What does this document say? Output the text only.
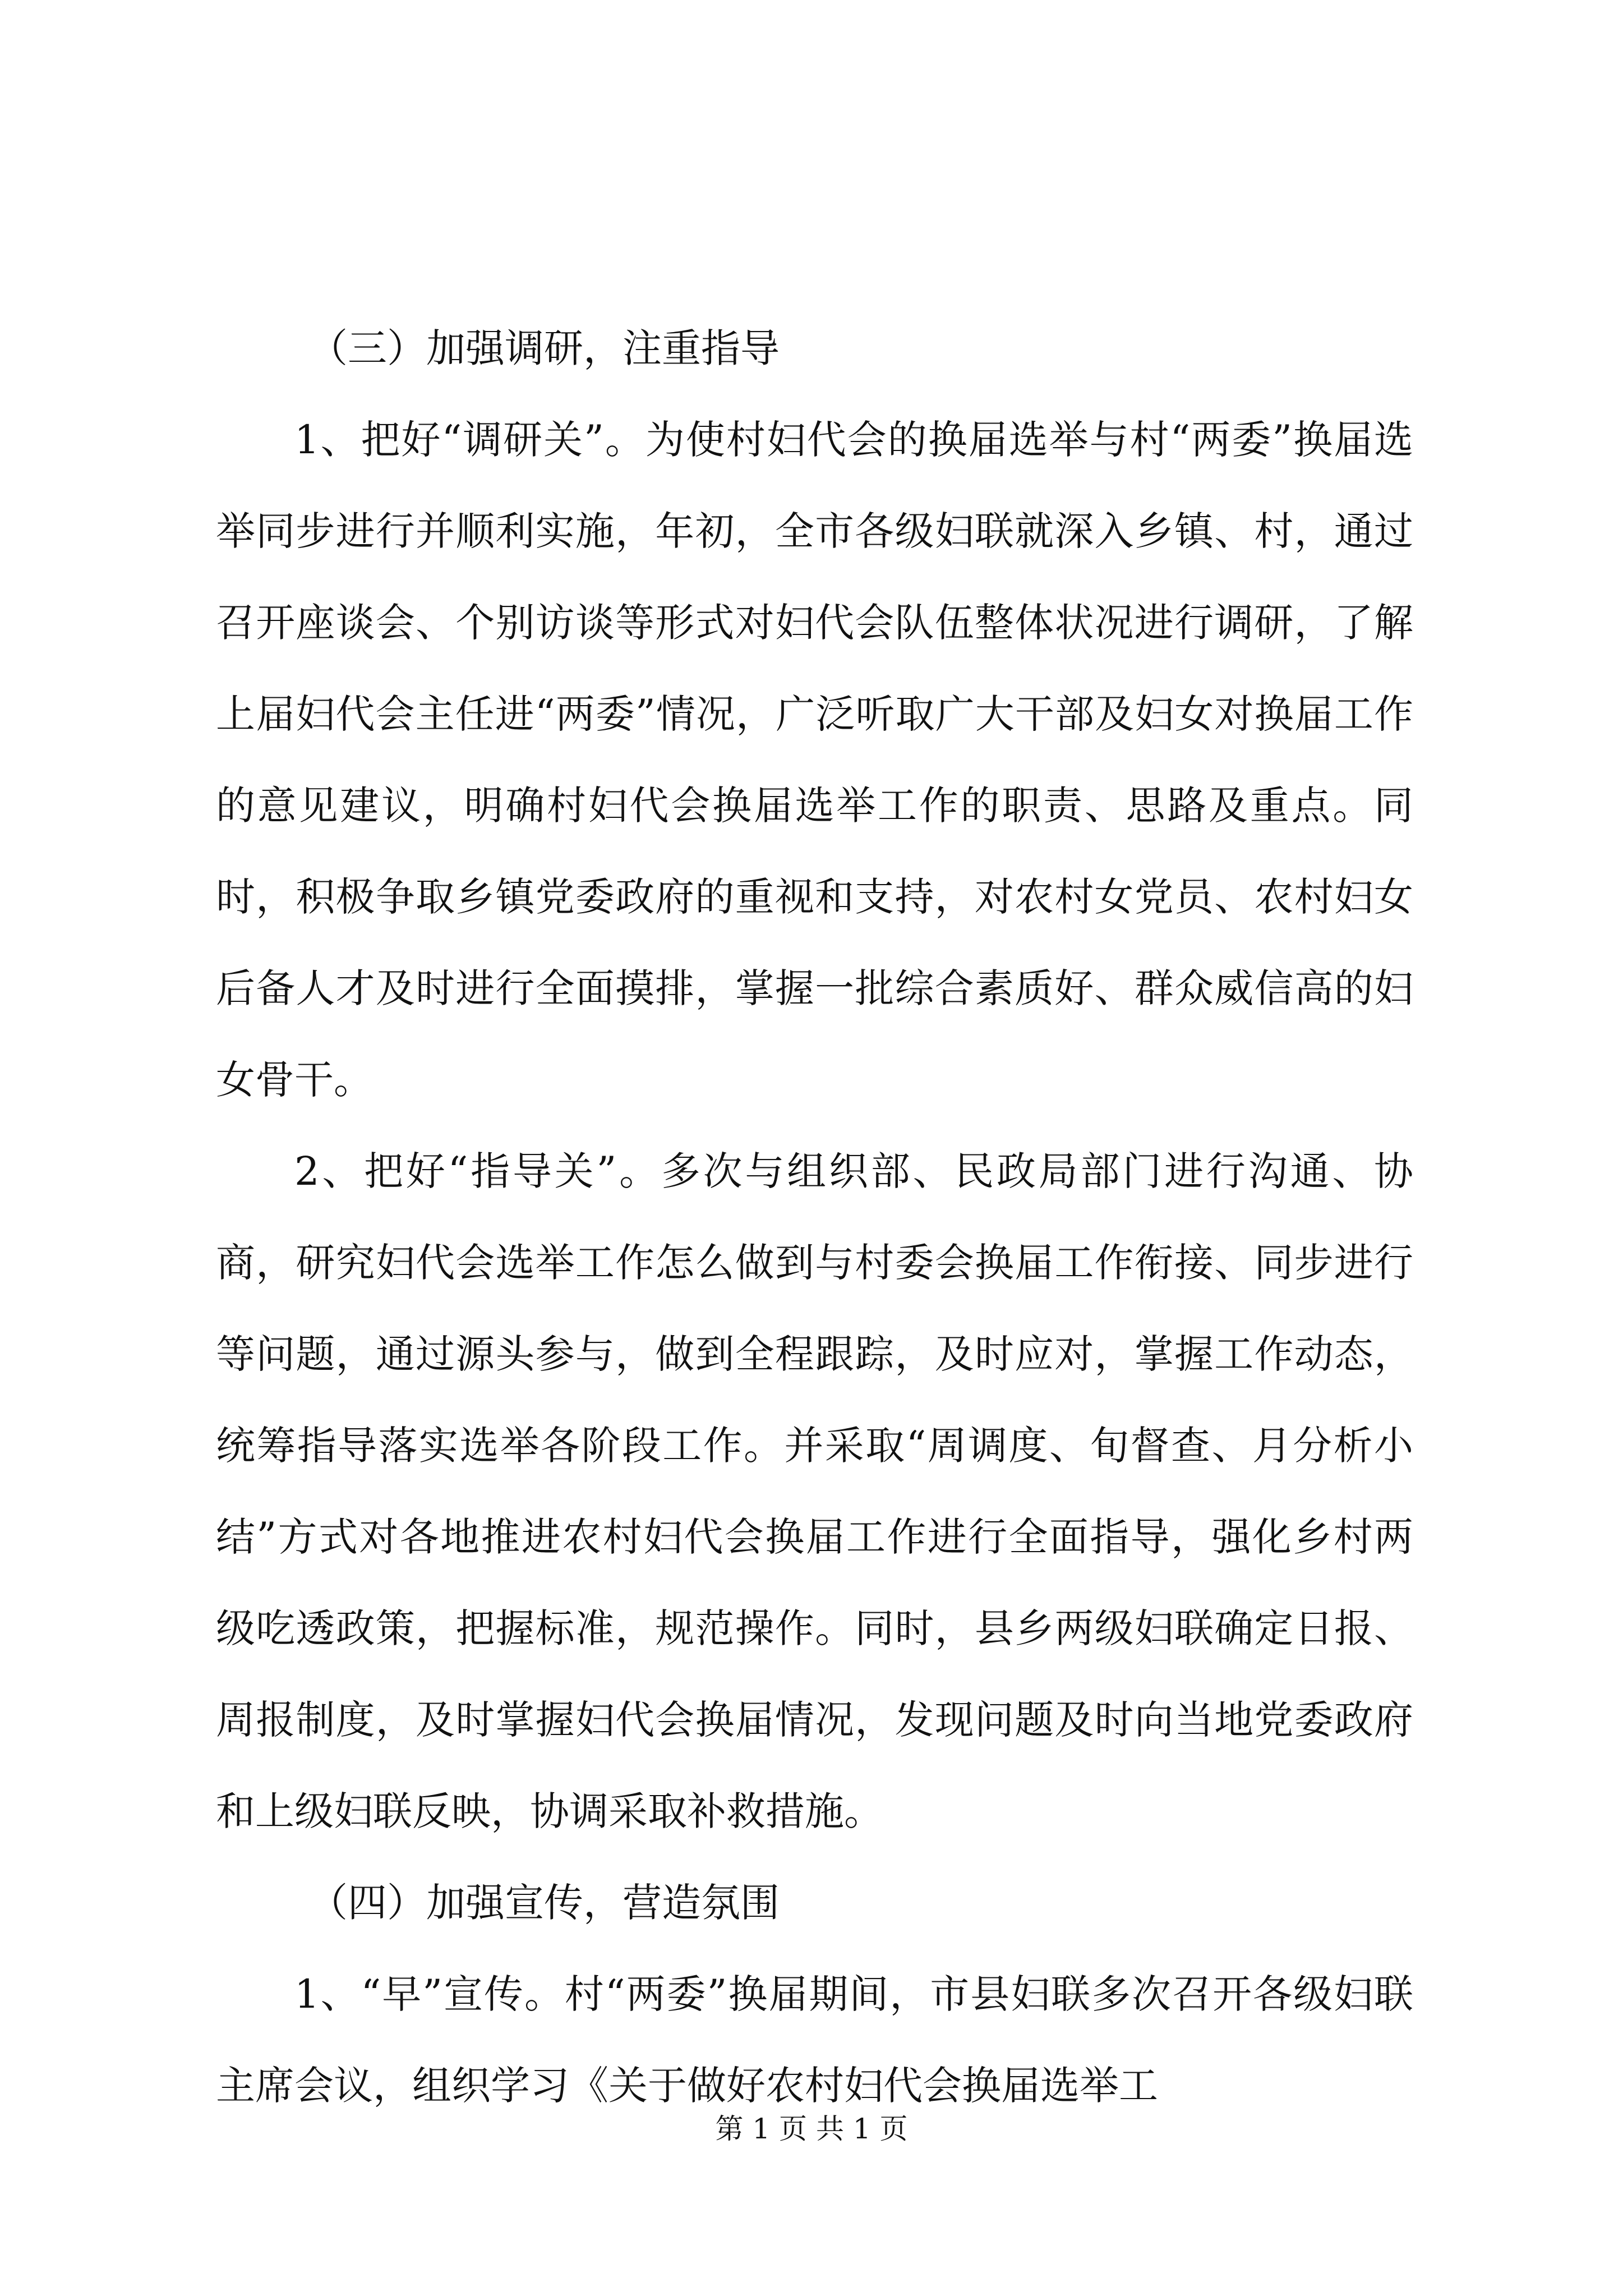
（三）加强调研，注重指导

1、把好“调研关”。为使村妇代会的换届选举与村“两委”换届选举同步进行并顺利实施，年初，全市各级妇联就深入乡镇、村，通过召开座谈会、个别访谈等形式对妇代会队伍整体状况进行调研，了解上届妇代会主任进“两委”情况，广泛听取广大干部及妇女对换届工作的意见建议，明确村妇代会换届选举工作的职责、思路及重点。同时，积极争取乡镇党委政府的重视和支持，对农村女党员、农村妇女后备人才及时进行全面摸排，掌握一批综合素质好、群众威信高的妇女骨干。

2、把好“指导关”。多次与组织部、民政局部门进行沟通、协商，研究妇代会选举工作怎么做到与村委会换届工作衔接、同步进行等问题，通过源头参与，做到全程跟踪，及时应对，掌握工作动态，统筹指导落实选举各阶段工作。并采取“周调度、旬督查、月分析小结”方式对各地推进农村妇代会换届工作进行全面指导，强化乡村两级吃透政策，把握标准，规范操作。同时，县乡两级妇联确定日报、周报制度，及时掌握妇代会换届情况，发现问题及时向当地党委政府和上级妇联反映，协调采取补救措施。

（四）加强宣传，营造氛围

1、“早”宣传。村“两委”换届期间，市县妇联多次召开各级妇联主席会议，组织学习《关于做好农村妇代会换届选举工

第 1 页 共 1 页
